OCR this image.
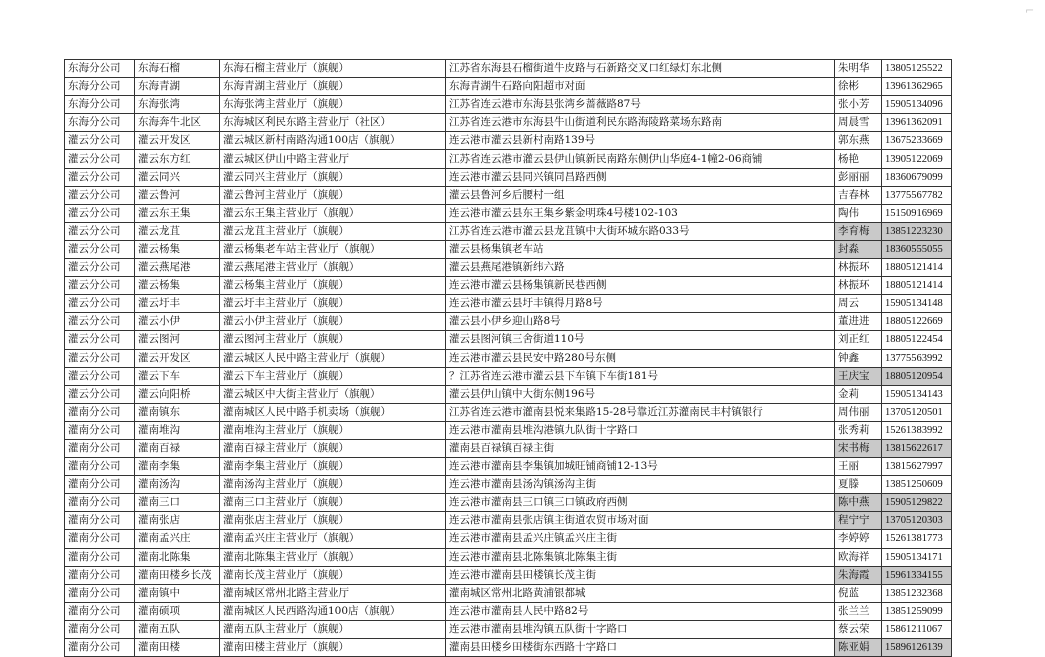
⌐
东海分公司	东海石榴	东海石榴主营业厅（旗舰）	江苏省东海县石榴街道牛皮路与石新路交叉口红绿灯东北侧	朱明华	13805125522
东海分公司	东海青湖	东海青湖主营业厅（旗舰）	东海青湖牛石路向阳超市对面	徐彬	13961362965
东海分公司	东海张湾	东海张湾主营业厅（旗舰）	江苏省连云港市东海县张湾乡蔷薇路87号	张小芳	15905134096
东海分公司	东海奔牛北区	东海城区利民东路主营业厅（社区）	江苏省连云港市东海县牛山街道利民东路海陵路菜场东路南	周晨雪	13961362091
灌云分公司	灌云开发区	灌云城区新村南路沟通100店（旗舰）	连云港市灌云县新村南路139号	郭东燕	13675233669
灌云分公司	灌云东方红	灌云城区伊山中路主营业厅	江苏省连云港市灌云县伊山镇新民南路东侧伊山华庭4-1幢2-06商铺	杨艳	13905122069
灌云分公司	灌云同兴	灌云同兴主营业厅（旗舰）	连云港市灌云县同兴镇同昌路西侧	彭丽丽	18360679099
灌云分公司	灌云鲁河	灌云鲁河主营业厅（旗舰）	灌云县鲁河乡后腰村一组	吉春林	13775567782
灌云分公司	灌云东王集	灌云东王集主营业厅（旗舰）	连云港市灌云县东王集乡紫金明珠4号楼102-103	陶伟	15150916969
灌云分公司	灌云龙苴	灌云龙苴主营业厅（旗舰）	江苏省连云港市灌云县龙苴镇中大街环城东路033号	李育梅	13851223230
灌云分公司	灌云杨集	灌云杨集老车站主营业厅（旗舰）	灌云县杨集镇老车站	封淼	18360555055
灌云分公司	灌云燕尾港	灌云燕尾港主营业厅（旗舰）	灌云县燕尾港镇新纬六路	林振环	18805121414
灌云分公司	灌云杨集	灌云杨集主营业厅（旗舰）	连云港市灌云县杨集镇新民巷西侧	林振环	18805121414
灌云分公司	灌云圩丰	灌云圩丰主营业厅（旗舰）	连云港市灌云县圩丰镇得月路8号	周云	15905134148
灌云分公司	灌云小伊	灌云小伊主营业厅（旗舰）	灌云县小伊乡迎山路8号	董进进	18805122669
灌云分公司	灌云图河	灌云图河主营业厅（旗舰）	灌云县图河镇三舍街道110号	刘正红	18805122454
灌云分公司	灌云开发区	灌云城区人民中路主营业厅（旗舰）	连云港市灌云县民安中路280号东侧	钟鑫	13775563992
灌云分公司	灌云下车	灌云下车主营业厅（旗舰）	？江苏省连云港市灌云县下车镇下车街181号	王庆宝	18805120954
灌云分公司	灌云向阳桥	灌云城区中大街主营业厅（旗舰）	灌云县伊山镇中大街东侧196号	金莉	15905134143
灌南分公司	灌南镇东	灌南城区人民中路手机卖场（旗舰）	江苏省连云港市灌南县悦来集路15-28号靠近江苏灌南民丰村镇银行	周伟丽	13705120501
灌南分公司	灌南堆沟	灌南堆沟主营业厅（旗舰）	连云港市灌南县堆沟港镇九队街十字路口	张秀莉	15261383992
灌南分公司	灌南百禄	灌南百禄主营业厅（旗舰）	灌南县百禄镇百禄主街	宋书梅	13815622617
灌南分公司	灌南李集	灌南李集主营业厅（旗舰）	连云港市灌南县李集镇加城旺铺商铺12-13号	王丽	13815627997
灌南分公司	灌南汤沟	灌南汤沟主营业厅（旗舰）	连云港市灌南县汤沟镇汤沟主街	夏滕	13851250609
灌南分公司	灌南三口	灌南三口主营业厅（旗舰）	连云港市灌南县三口镇三口镇政府西侧	陈中燕	15905129822
灌南分公司	灌南张店	灌南张店主营业厅（旗舰）	连云港市灌南县张店镇主街道农贸市场对面	程宁宁	13705120303
灌南分公司	灌南孟兴庄	灌南孟兴庄主营业厅（旗舰）	连云港市灌南县孟兴庄镇孟兴庄主街	李婷婷	15261381773
灌南分公司	灌南北陈集	灌南北陈集主营业厅（旗舰）	连云港市灌南县北陈集镇北陈集主街	欧海祥	15905134171
灌南分公司	灌南田楼乡长茂	灌南长茂主营业厅（旗舰）	连云港市灌南县田楼镇长茂主街	朱海霞	15961334155
灌南分公司	灌南镇中	灌南城区常州北路主营业厅	灌南城区常州北路黄浦银都城	倪蓝	13851232368
灌南分公司	灌南硕项	灌南城区人民西路沟通100店（旗舰）	连云港市灌南县人民中路82号	张兰兰	13851259099
灌南分公司	灌南五队	灌南五队主营业厅（旗舰）	连云港市灌南县堆沟镇五队街十字路口	蔡云荣	15861211067
灌南分公司	灌南田楼	灌南田楼主营业厅（旗舰）	灌南县田楼乡田楼街东西路十字路口	陈亚娟	15896126139
